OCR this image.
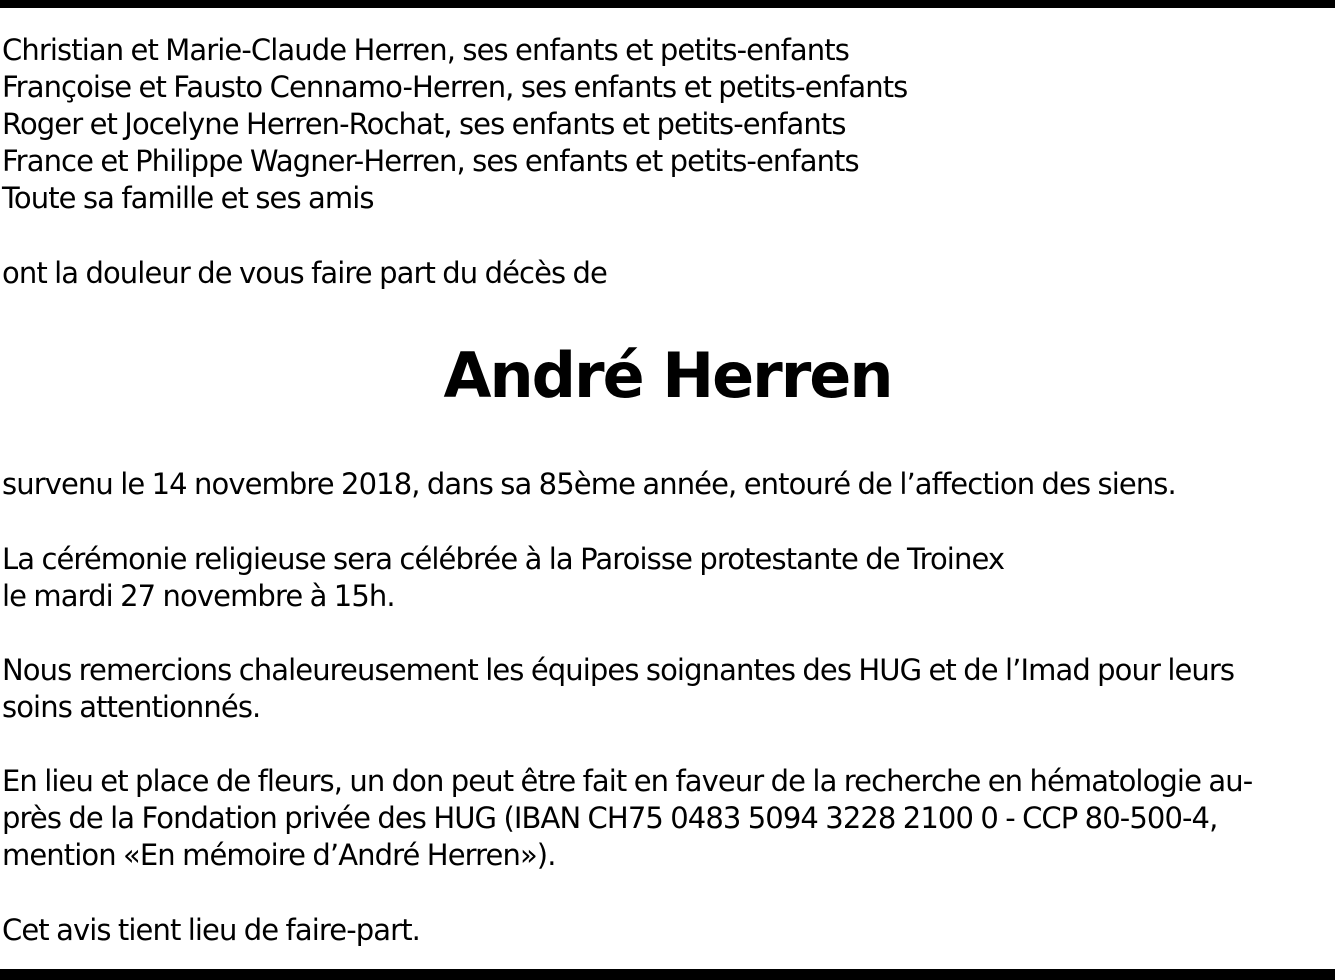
Christian et Marie-Claude Herren, ses enfants et petits-enfants
Françoise et Fausto Cennamo-Herren, ses enfants et petits-enfants
Roger et Jocelyne Herren-Rochat, ses enfants et petits-enfants
France et Philippe Wagner-Herren, ses enfants et petits-enfants
Toute sa famille et ses amis
ont la douleur de vous faire part du décès de
André Herren
survenu le 14 novembre 2018, dans sa 85ème année, entouré de l’affection des siens.
La cérémonie religieuse sera célébrée à la Paroisse protestante de Troinex
le mardi 27 novembre à 15h.
Nous remercions chaleureusement les équipes soignantes des HUG et de l’Imad pour leurs
soins attentionnés.
En lieu et place de fleurs, un don peut être fait en faveur de la recherche en hématologie au-
près de la Fondation privée des HUG (IBAN CH75 0483 5094 3228 2100 0 - CCP 80-500-4,
mention «En mémoire d’André Herren»).
Cet avis tient lieu de faire-part.
